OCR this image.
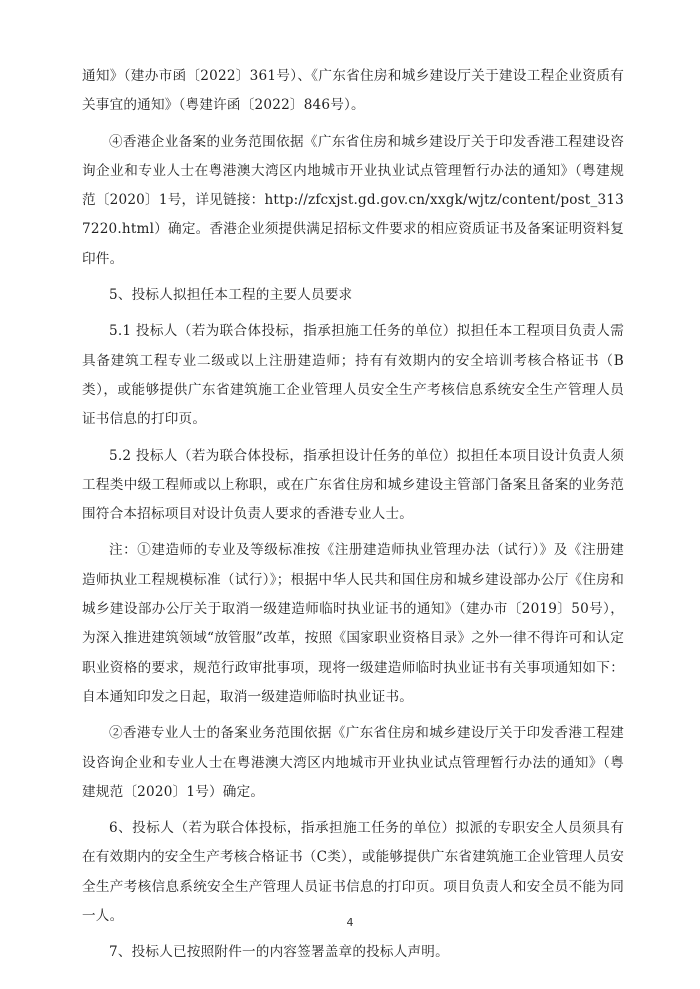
通知》（建办市函〔2022〕361号）、《广东省住房和城乡建设厅关于建设工程企业资质有关事宜的通知》（粤建许函〔2022〕846号）。

④香港企业备案的业务范围依据《广东省住房和城乡建设厅关于印发香港工程建设咨询企业和专业人士在粤港澳大湾区内地城市开业执业试点管理暂行办法的通知》（粤建规范〔2020〕1号，详见链接：http://zfcxjst.gd.gov.cn/xxgk/wjtz/content/post_3137220.html）确定。香港企业须提供满足招标文件要求的相应资质证书及备案证明资料复印件。

5、投标人拟担任本工程的主要人员要求

5.1 投标人（若为联合体投标，指承担施工任务的单位）拟担任本工程项目负责人需具备建筑工程专业二级或以上注册建造师；持有有效期内的安全培训考核合格证书（B类），或能够提供广东省建筑施工企业管理人员安全生产考核信息系统安全生产管理人员证书信息的打印页。

5.2 投标人（若为联合体投标，指承担设计任务的单位）拟担任本项目设计负责人须工程类中级工程师或以上称职，或在广东省住房和城乡建设主管部门备案且备案的业务范围符合本招标项目对设计负责人要求的香港专业人士。

注：①建造师的专业及等级标准按《注册建造师执业管理办法（试行）》及《注册建造师执业工程规模标准（试行）》；根据中华人民共和国住房和城乡建设部办公厅《住房和城乡建设部办公厅关于取消一级建造师临时执业证书的通知》（建办市〔2019〕50号），为深入推进建筑领域“放管服”改革，按照《国家职业资格目录》之外一律不得许可和认定职业资格的要求，规范行政审批事项，现将一级建造师临时执业证书有关事项通知如下：自本通知印发之日起，取消一级建造师临时执业证书。

②香港专业人士的备案业务范围依据《广东省住房和城乡建设厅关于印发香港工程建设咨询企业和专业人士在粤港澳大湾区内地城市开业执业试点管理暂行办法的通知》（粤建规范〔2020〕1号）确定。

6、投标人（若为联合体投标，指承担施工任务的单位）拟派的专职安全人员须具有在有效期内的安全生产考核合格证书（C类），或能够提供广东省建筑施工企业管理人员安全生产考核信息系统安全生产管理人员证书信息的打印页。项目负责人和安全员不能为同一人。

7、投标人已按照附件一的内容签署盖章的投标人声明。

4
